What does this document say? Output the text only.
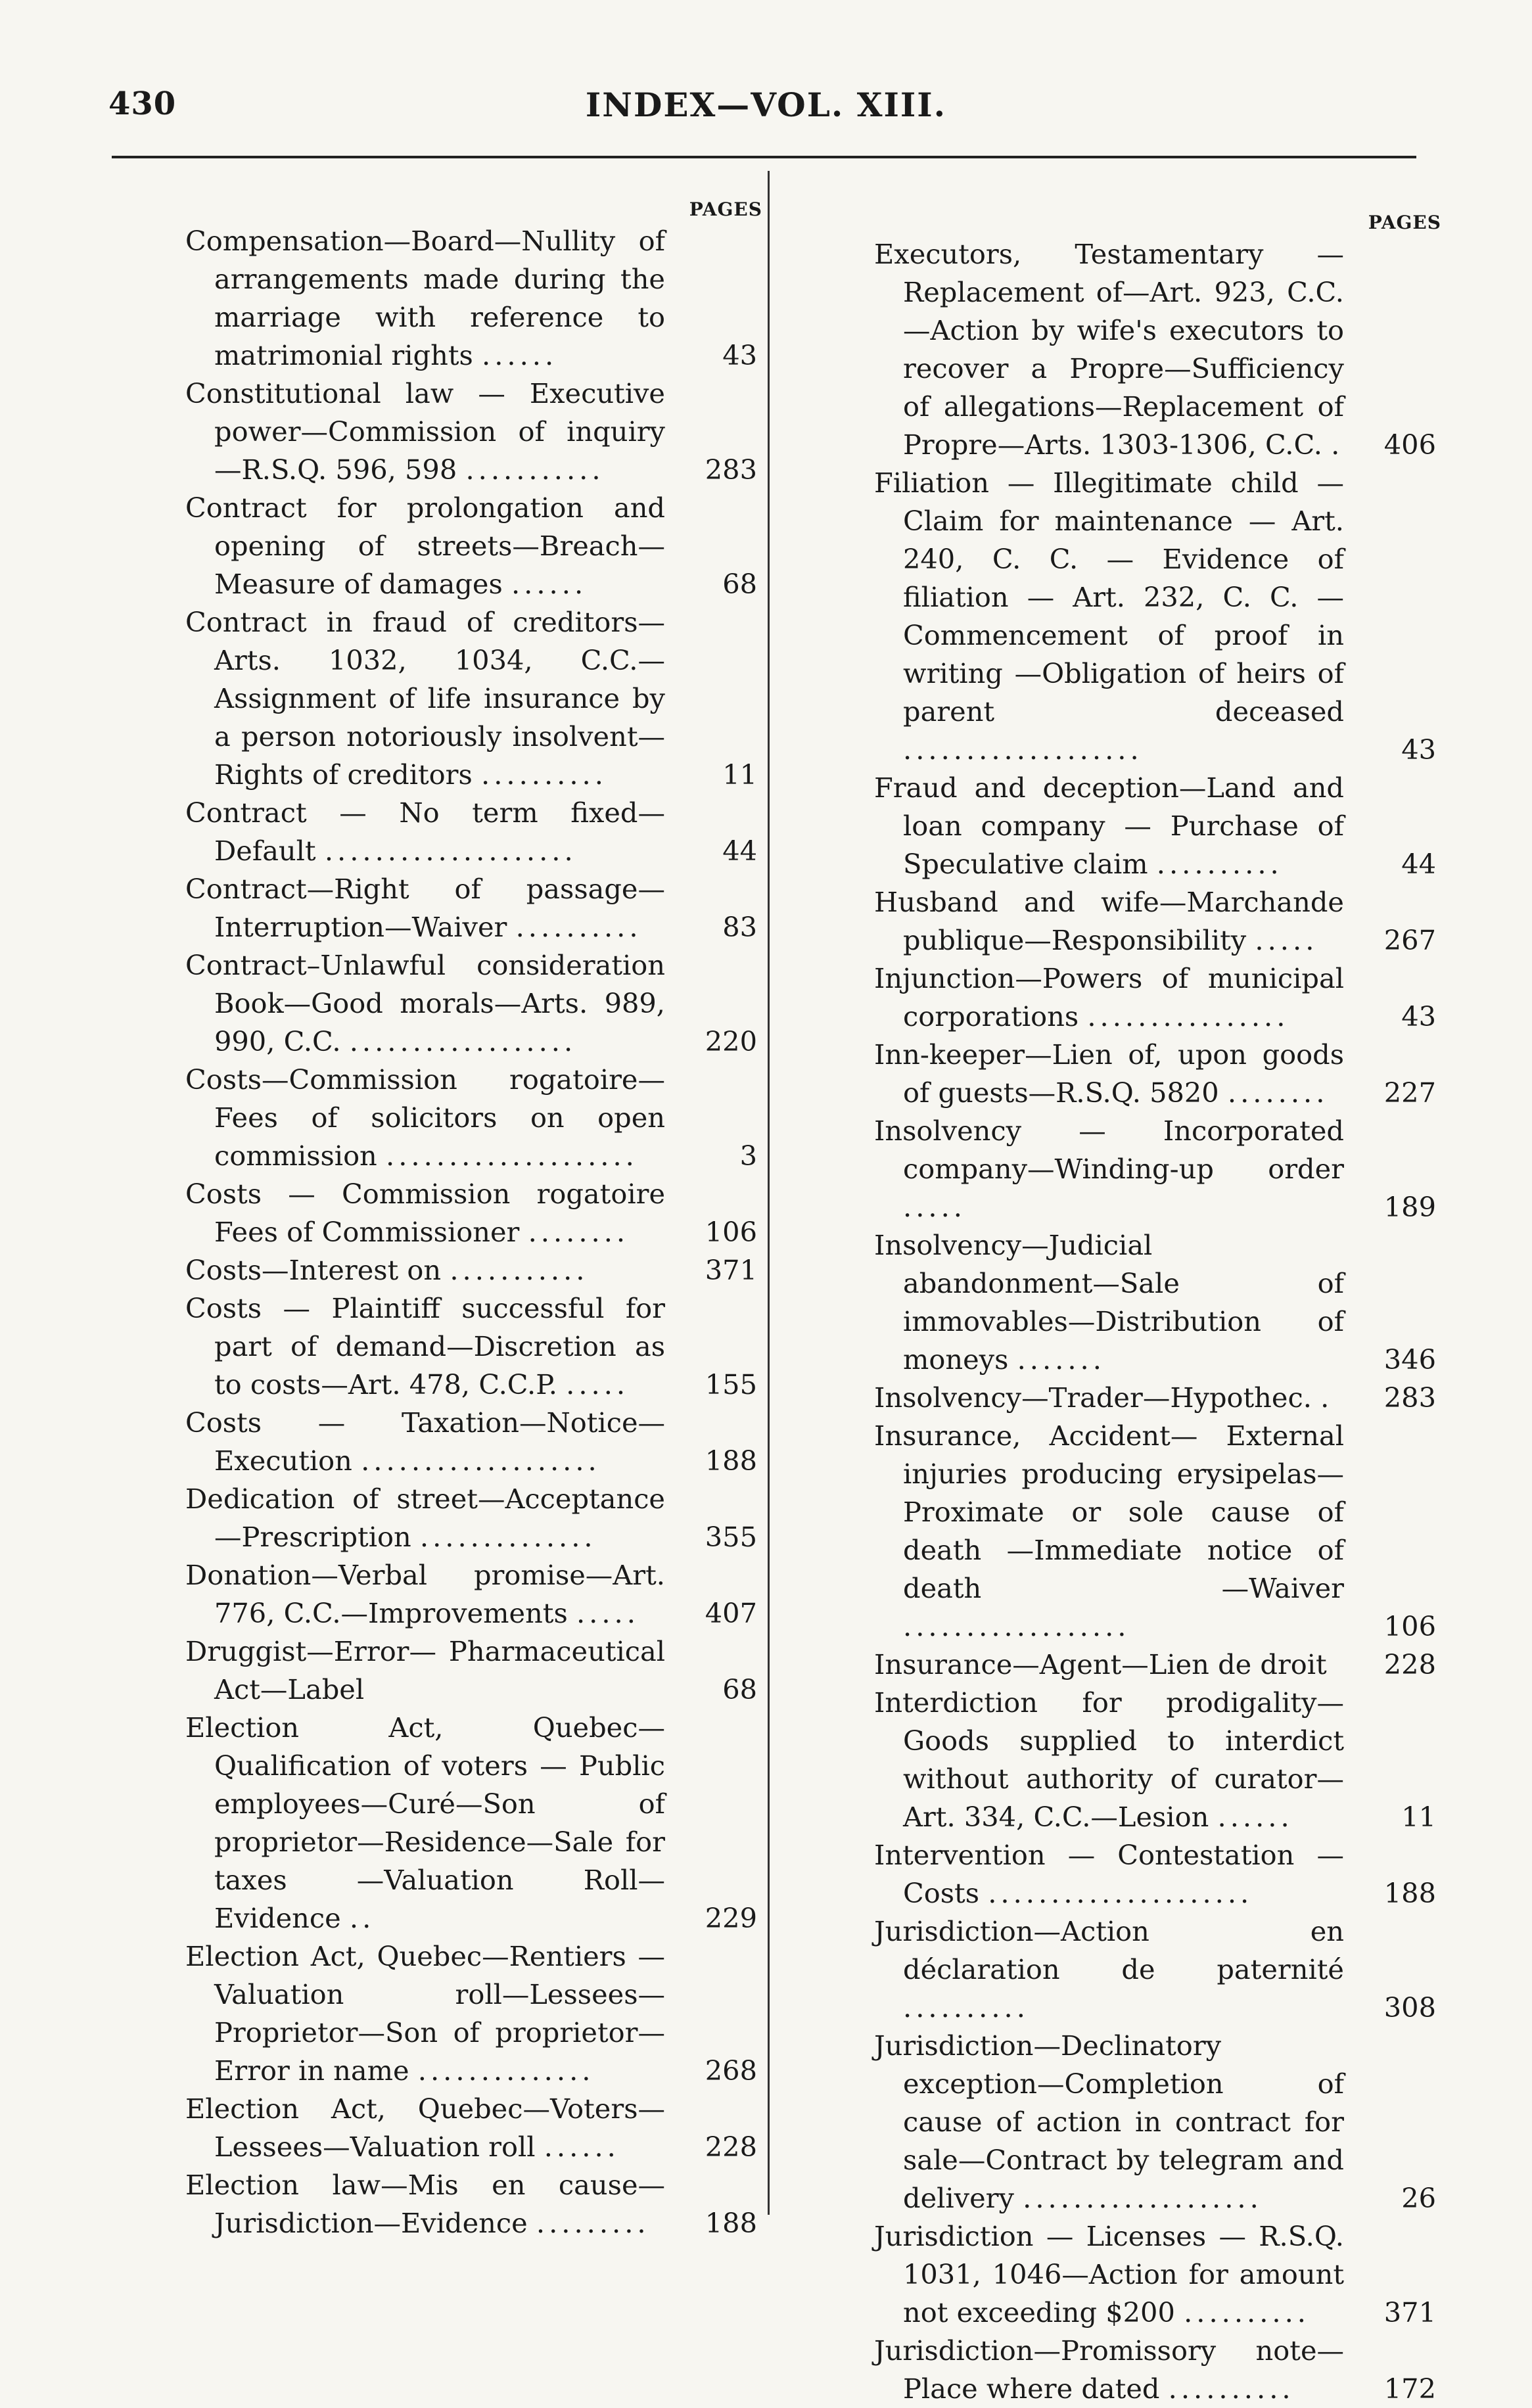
430	INDEX—VOL. XIII.
PAGES
Compensation—Board—Nullity of arrangements made during the marriage with reference to matrimonial rights ......	43
Constitutional law — Executive power—Commission of inquiry —R.S.Q. 596, 598 ...........	283
Contract for prolongation and opening of streets—Breach—Measure of damages ......	68
Contract in fraud of creditors—Arts. 1032, 1034, C.C.—Assignment of life insurance by a person notoriously insolvent—Rights of creditors ..........	11
Contract — No term fixed—Default ....................	44
Contract—Right of passage—Interruption—Waiver ..........	83
Contract–Unlawful consideration Book—Good morals—Arts. 989, 990, C.C. ..................	220
Costs—Commission rogatoire—Fees of solicitors on open commission ....................	3
Costs — Commission rogatoire Fees of Commissioner ........	106
Costs—Interest on ...........	371
Costs — Plaintiff successful for part of demand—Discretion as to costs—Art. 478, C.C.P. .....	155
Costs — Taxation—Notice—Execution ...................	188
Dedication of street—Acceptance —Prescription ..............	355
Donation—Verbal promise—Art. 776, C.C.—Improvements .....	407
Druggist—Error— Pharmaceutical Act—Label	68
Election Act, Quebec— Qualification of voters — Public employees—Curé—Son of proprietor—Residence—Sale for taxes —Valuation Roll—Evidence ..	229
Election Act, Quebec—Rentiers —Valuation roll—Lessees—Proprietor—Son of proprietor—Error in name ..............	268
Election Act, Quebec—Voters—Lessees—Valuation roll ......	228
Election law—Mis en cause—Jurisdiction—Evidence .........	188
PAGES
Executors, Testamentary — Replacement of—Art. 923, C.C.—Action by wife's executors to recover a Propre—Sufficiency of allegations—Replacement of Propre—Arts. 1303-1306, C.C. .	406
Filiation — Illegitimate child — Claim for maintenance — Art. 240, C. C. — Evidence of filiation — Art. 232, C. C. — Commencement of proof in writing —Obligation of heirs of parent deceased ...................	43
Fraud and deception—Land and loan company — Purchase of Speculative claim ..........	44
Husband and wife—Marchande publique—Responsibility .....	267
Injunction—Powers of municipal corporations ................	43
Inn-keeper—Lien of, upon goods of guests—R.S.Q. 5820 ........	227
Insolvency — Incorporated company—Winding-up order .....	189
Insolvency—Judicial abandonment—Sale of immovables—Distribution of moneys .......	346
Insolvency—Trader—Hypothec. .	283
Insurance, Accident— External injuries producing erysipelas—Proximate or sole cause of death —Immediate notice of death —Waiver ..................	106
Insurance—Agent—Lien de droit	228
Interdiction for prodigality—Goods supplied to interdict without authority of curator—Art. 334, C.C.—Lesion ......	11
Intervention — Contestation — Costs .....................	188
Jurisdiction—Action en déclaration de paternité ..........	308
Jurisdiction—Declinatory exception—Completion of cause of action in contract for sale—Contract by telegram and delivery ...................	26
Jurisdiction — Licenses — R.S.Q. 1031, 1046—Action for amount not exceeding $200 ..........	371
Jurisdiction—Promissory note—Place where dated ..........	172
